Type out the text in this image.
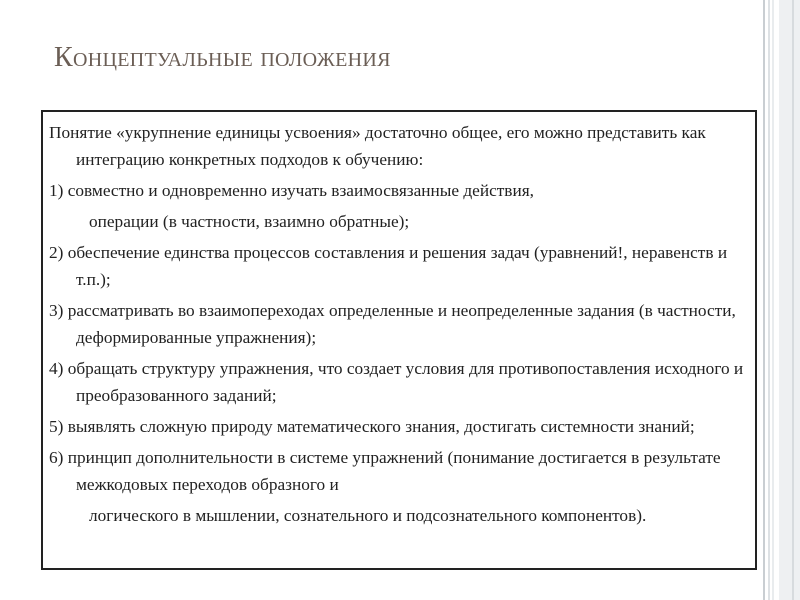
Концептуальные положения

Понятие «укрупнение единицы усвоения» достаточно общее, его можно представить как интеграцию конкретных подходов к обучению:

1) совместно и одновременно изучать взаимосвязанные действия,

операции (в частности, взаимно обратные);

2) обеспечение единства процессов составления и решения задач (уравнений!, неравенств и т.п.);

3) рассматривать во взаимопереходах определенные и неопределенные задания (в частности, деформированные упражнения);

4) обращать структуру упражнения, что создает условия для противопоставления исходного и преобразованного заданий;

5) выявлять сложную природу математического знания, достигать системности знаний;

6) принцип дополнительности в системе упражнений (понимание достигается в результате межкодовых переходов образного и

логического в мышлении, сознательного и подсознательного компонентов).
